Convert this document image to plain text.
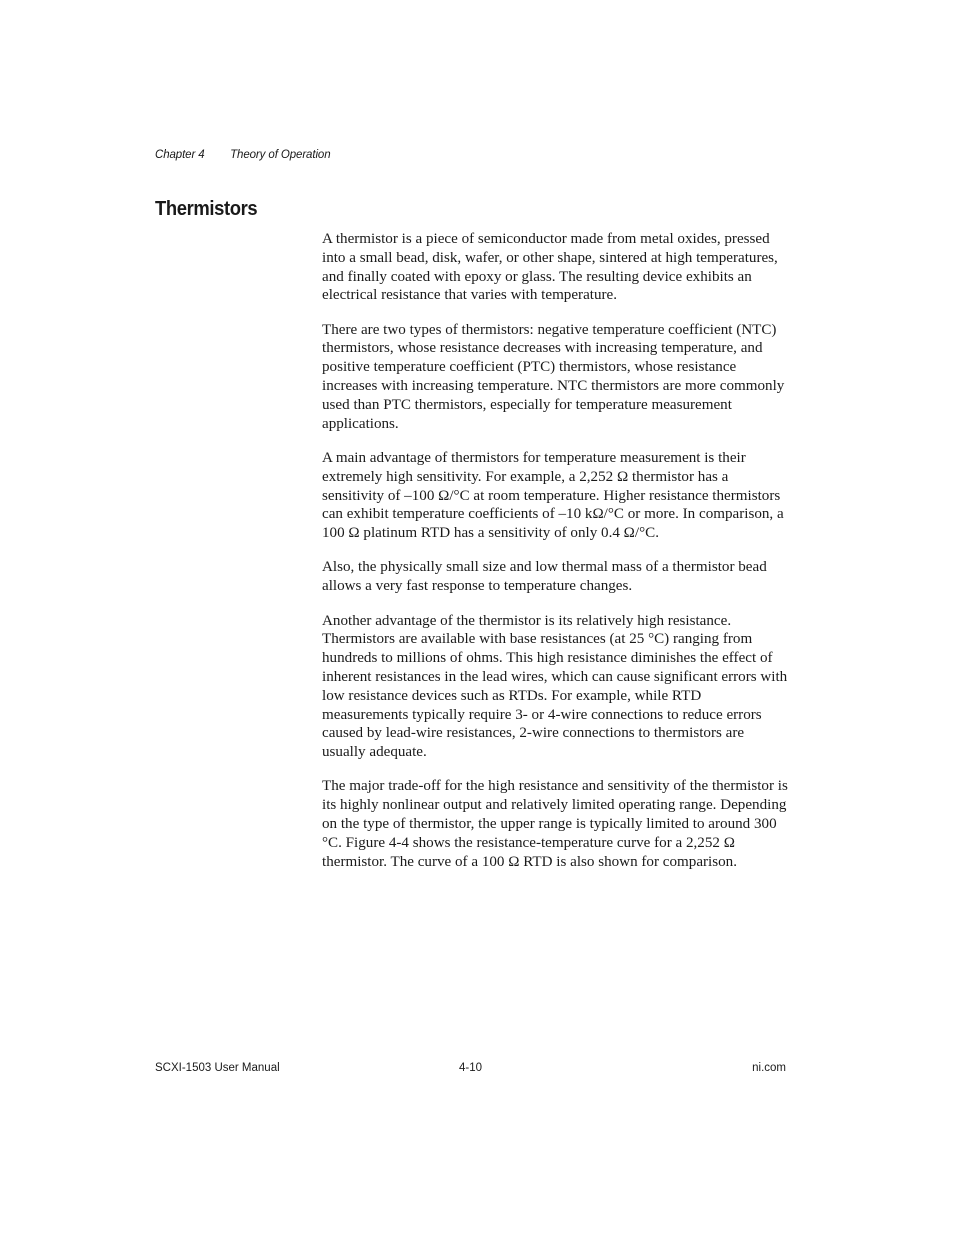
Chapter 4 Theory of Operation
Thermistors

A thermistor is a piece of semiconductor made from metal oxides, pressed into a small bead, disk, wafer, or other shape, sintered at high temperatures, and finally coated with epoxy or glass. The resulting device exhibits an electrical resistance that varies with temperature.

There are two types of thermistors: negative temperature coefficient (NTC) thermistors, whose resistance decreases with increasing temperature, and positive temperature coefficient (PTC) thermistors, whose resistance increases with increasing temperature. NTC thermistors are more commonly used than PTC thermistors, especially for temperature measurement applications.

A main advantage of thermistors for temperature measurement is their extremely high sensitivity. For example, a 2,252 Ω thermistor has a sensitivity of –100 Ω/°C at room temperature. Higher resistance thermistors can exhibit temperature coefficients of –10 kΩ/°C or more. In comparison, a 100 Ω platinum RTD has a sensitivity of only 0.4 Ω/°C.

Also, the physically small size and low thermal mass of a thermistor bead allows a very fast response to temperature changes.

Another advantage of the thermistor is its relatively high resistance. Thermistors are available with base resistances (at 25 °C) ranging from hundreds to millions of ohms. This high resistance diminishes the effect of inherent resistances in the lead wires, which can cause significant errors with low resistance devices such as RTDs. For example, while RTD measurements typically require 3- or 4-wire connections to reduce errors caused by lead-wire resistances, 2-wire connections to thermistors are usually adequate.

The major trade-off for the high resistance and sensitivity of the thermistor is its highly nonlinear output and relatively limited operating range. Depending on the type of thermistor, the upper range is typically limited to around 300 °C. Figure 4-4 shows the resistance-temperature curve for a 2,252 Ω thermistor. The curve of a 100 Ω RTD is also shown for comparison.

SCXI-1503 User Manual	4-10	ni.com
